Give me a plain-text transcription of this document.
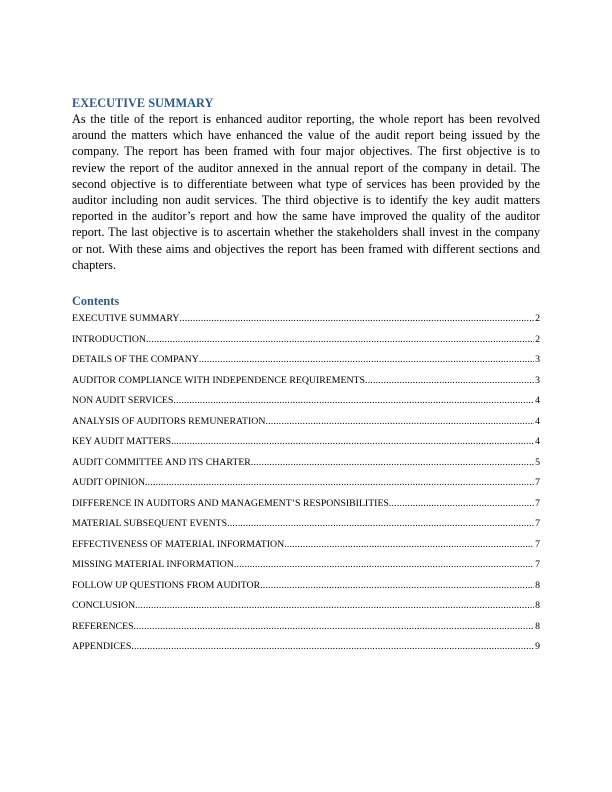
EXECUTIVE SUMMARY

As the title of the report is enhanced auditor reporting, the whole report has been revolved around the matters which have enhanced the value of the audit report being issued by the company. The report has been framed with four major objectives. The first objective is to review the report of the auditor annexed in the annual report of the company in detail. The second objective is to differentiate between what type of services has been provided by the auditor including non audit services. The third objective is to identify the key audit matters reported in the auditor’s report and how the same have improved the quality of the auditor report. The last objective is to ascertain whether the stakeholders shall invest in the company or not. With these aims and objectives the report has been framed with different sections and chapters.

Contents
EXECUTIVE SUMMARY .....	2
INTRODUCTION .....	2
DETAILS OF THE COMPANY .....	3
AUDITOR COMPLIANCE WITH INDEPENDENCE REQUIREMENTS .....	3
NON AUDIT SERVICES .....	4
ANALYSIS OF AUDITORS REMUNERATION .....	4
KEY AUDIT MATTERS .....	4
AUDIT COMMITTEE AND ITS CHARTER .....	5
AUDIT OPINION .....	7
DIFFERENCE IN AUDITORS AND MANAGEMENT’S RESPONSIBILITIES .....	7
MATERIAL SUBSEQUENT EVENTS .....	7
EFFECTIVENESS OF MATERIAL INFORMATION .....	7
MISSING MATERIAL INFORMATION .....	7
FOLLOW UP QUESTIONS FROM AUDITOR .....	8
CONCLUSION .....	8
REFERENCES .....	8
APPENDICES .....	9
